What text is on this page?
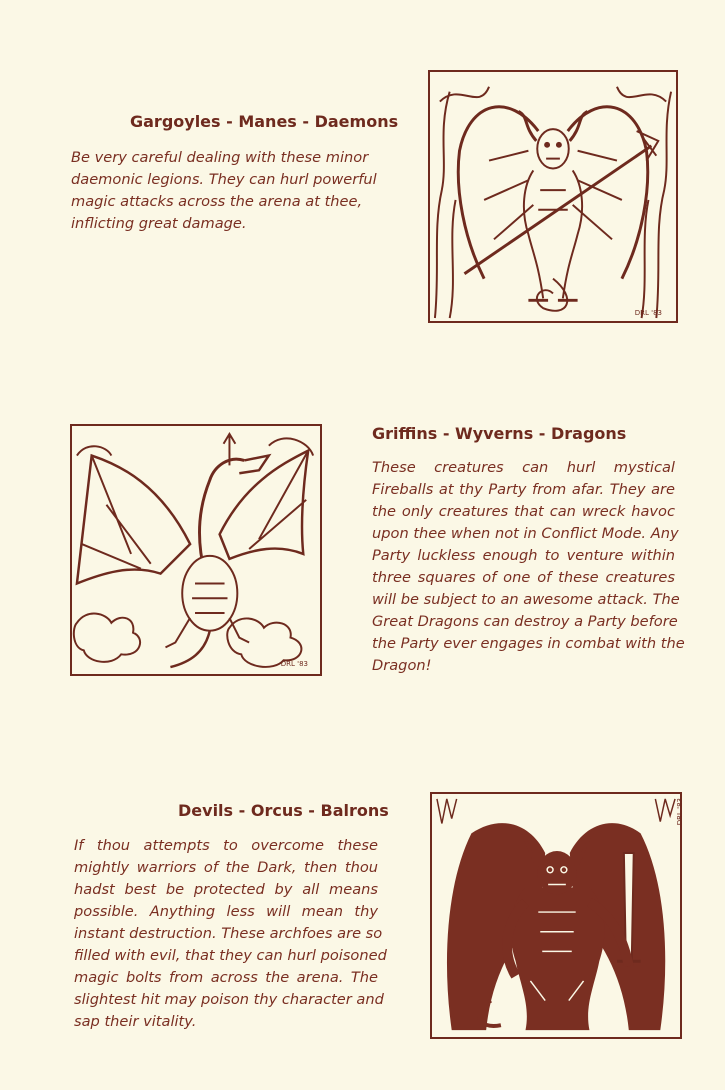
Gargoyles - Manes - Daemons
Be very careful dealing with these minor
daemonic legions. They can hurl powerful
magic attacks across the arena at thee,
inflicting great damage.
DRL '83
Griffins - Wyverns - Dragons
These creatures can hurl mystical
Fireballs at thy Party from afar. They are
the only creatures that can wreck havoc
upon thee when not in Conflict Mode. Any
Party luckless enough to venture within
three squares of one of these creatures
will be subject to an awesome attack. The
Great Dragons can destroy a Party before
the Party ever engages in combat with the
Dragon!
DRL '83
Devils - Orcus - Balrons
If thou attempts to overcome these
mightly warriors of the Dark, then thou
hadst best be protected by all means
possible. Anything less will mean thy
instant destruction. These archfoes are so
filled with evil, that they can hurl poisoned
magic bolts from across the arena. The
slightest hit may poison thy character and
sap their vitality.
DRL '83
